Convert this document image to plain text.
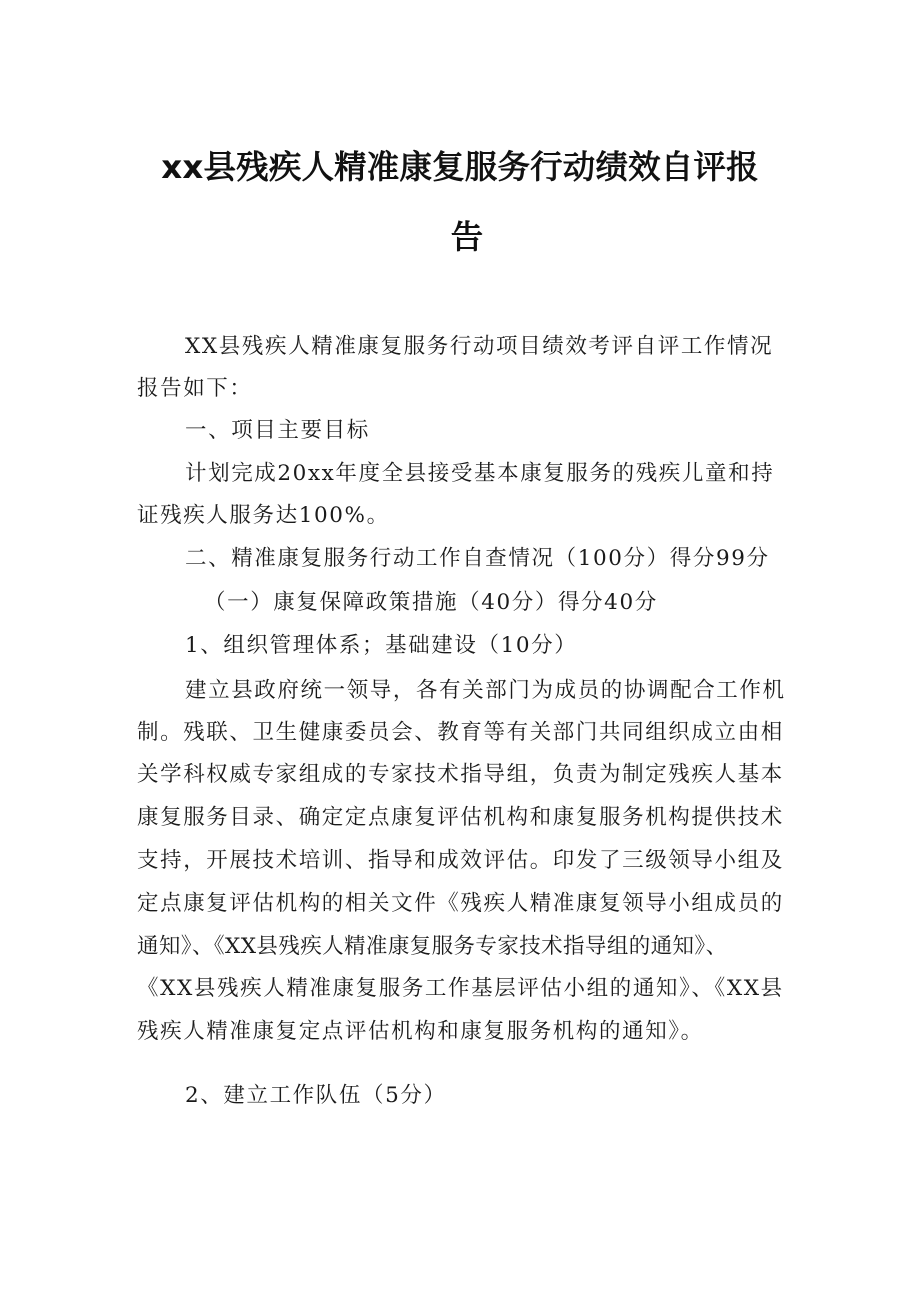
xx县残疾人精准康复服务行动绩效自评报
告
XX县残疾人精准康复服务行动项目绩效考评自评工作情况
报告如下：
一、项目主要目标
计划完成20xx年度全县接受基本康复服务的残疾儿童和持
证残疾人服务达100%。
二、精准康复服务行动工作自查情况（100分）得分99分
（一）康复保障政策措施（40分）得分40分
1、组织管理体系；基础建设（10分）
建立县政府统一领导，各有关部门为成员的协调配合工作机
制。残联、卫生健康委员会、教育等有关部门共同组织成立由相
关学科权威专家组成的专家技术指导组，负责为制定残疾人基本
康复服务目录、确定定点康复评估机构和康复服务机构提供技术
支持，开展技术培训、指导和成效评估。印发了三级领导小组及
定点康复评估机构的相关文件《残疾人精准康复领导小组成员的
通知》、《XX县残疾人精准康复服务专家技术指导组的通知》、
《XX县残疾人精准康复服务工作基层评估小组的通知》、《XX县
残疾人精准康复定点评估机构和康复服务机构的通知》。
2、建立工作队伍（5分）
